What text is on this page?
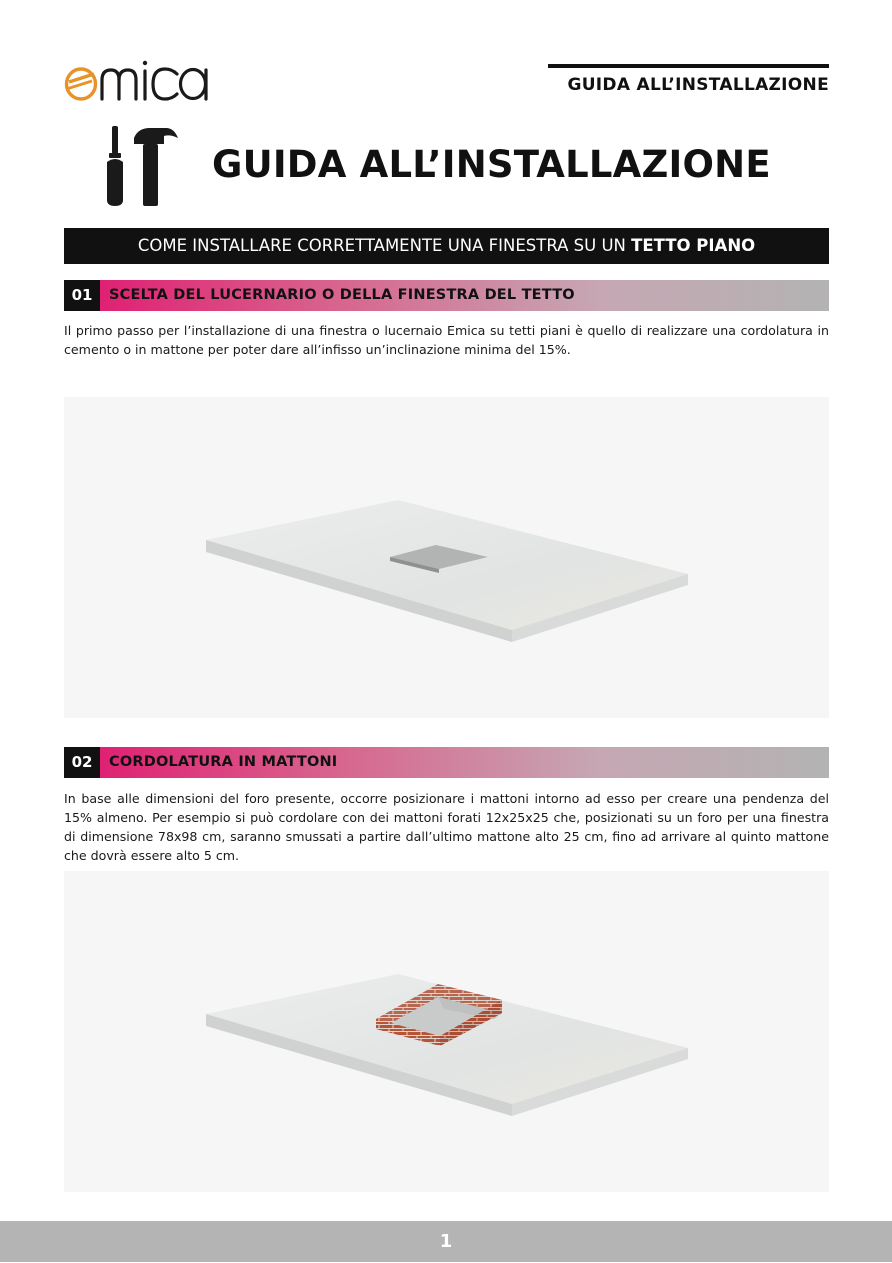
GUIDA ALL’INSTALLAZIONE
GUIDA ALL’INSTALLAZIONE
COME INSTALLARE CORRETTAMENTE UNA FINESTRA SU UN TETTO PIANO
01	SCELTA DEL LUCERNARIO O DELLA FINESTRA DEL TETTO

Il primo passo per l’installazione di una finestra o lucernaio Emica su tetti piani è quello di realizzare una cordolatura in cemento o in mattone per poter dare all’infisso un’inclinazione minima del 15%.

02	CORDOLATURA IN MATTONI

In base alle dimensioni del foro presente, occorre posizionare i mattoni intorno ad esso per creare una pendenza del 15% almeno. Per esempio si può cordolare con dei mattoni forati 12x25x25 che, posizionati su un foro per una finestra di dimensione 78x98 cm, saranno smussati a partire dall’ultimo mattone alto 25 cm, fino ad arrivare al quinto mattone che dovrà essere alto 5 cm.

1
